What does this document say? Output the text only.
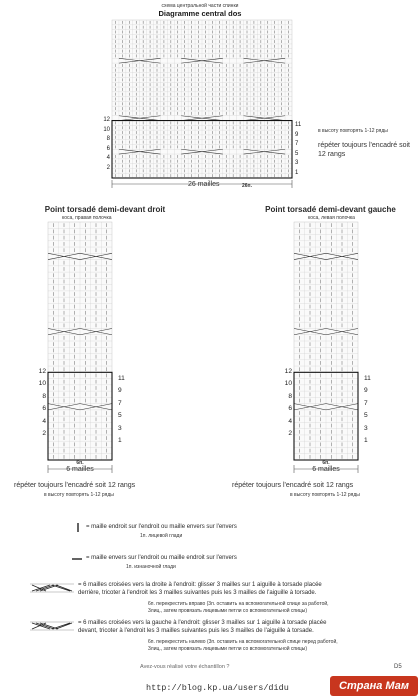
схема центральной части спинки
Diagramme central dos
12
10
8
6
4
2
11
9
7
5
3
1
в высоту повторять 1-12 ряды
répéter toujours l'encadré soit 12 rangs
26 mailles	26п.
Point torsadé demi-devant droit
коса, правая полочка
12
10
8
6
4
2
11
9
7
5
3
1
6п.
6 mailles
répéter toujours l'encadré soit 12 rangs
в высоту повторять 1-12 ряды
Point torsadé demi-devant gauche
коса, левая полочка
12
10
8
6
4
2
11
9
7
5
3
1
6п.
6 mailles
répéter toujours l'encadré soit 12 rangs
в высоту повторять 1-12 ряды
= maille endroit sur l'endroit ou maille envers sur l'envers
1п. лицевой глади
= maille envers sur l'endroit ou maille endroit sur l'envers
1п. изнаночной глади
= 6 mailles croisées vers la droite à l'endroit: glisser 3 mailles sur 1 aiguille à torsade placée
derrière, tricoter à l'endroit les 3 mailles suivantes puis les 3 mailles de l'aiguille à torsade.
6п. перекрестить вправо (3п. оставить на вспомогательной спице за работой,
3лиц., затем провязать лицевыми петли со вспомогательной спицы)
= 6 mailles croisées vers la gauche à l'endroit: glisser 3 mailles sur 1 aiguille à torsade placée
devant, tricoter à l'endroit les 3 mailles suivantes puis les 3 mailles de l'aiguille à torsade.
6п. перекрестить налево (3п. оставить на вспомогательной спице перед работой,
3лиц., затем провязать лицевыми петли со вспомогательной спицы)
Avez-vous réalisé votre échantillon ?	D5
http://blog.kp.ua/users/didu	Страна Мам
